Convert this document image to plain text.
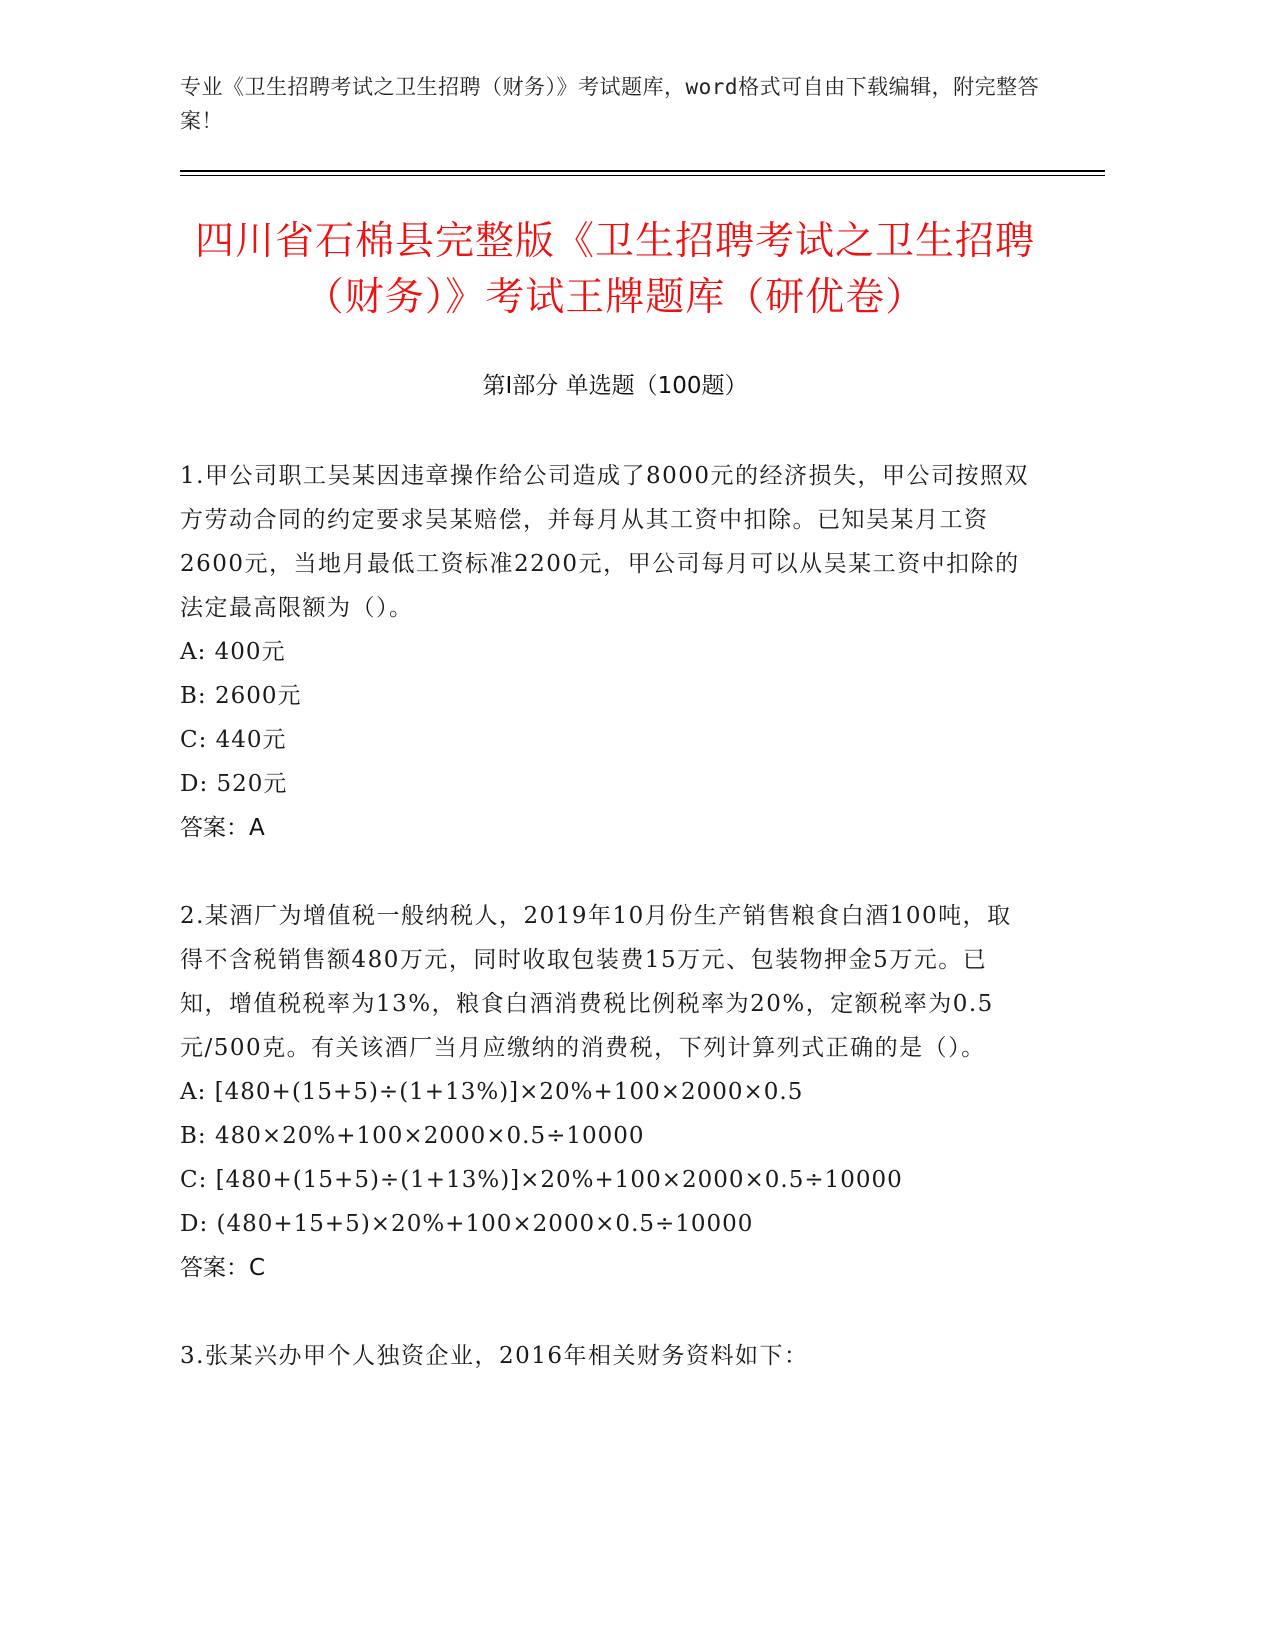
专业《卫生招聘考试之卫生招聘（财务）》考试题库，word格式可自由下载编辑，附完整答案！
四川省石棉县完整版《卫生招聘考试之卫生招聘（财务）》考试王牌题库（研优卷）
第Ⅰ部分 单选题（100题）

1.甲公司职工吴某因违章操作给公司造成了8000元的经济损失，甲公司按照双方劳动合同的约定要求吴某赔偿，并每月从其工资中扣除。已知吴某月工资2600元，当地月最低工资标准2200元，甲公司每月可以从吴某工资中扣除的法定最高限额为（）。

A: 400元
B: 2600元
C: 440元
D: 520元
答案：A

2.某酒厂为增值税一般纳税人，2019年10月份生产销售粮食白酒100吨，取得不含税销售额480万元，同时收取包装费15万元、包装物押金5万元。已知，增值税税率为13%，粮食白酒消费税比例税率为20%，定额税率为0.5元/500克。有关该酒厂当月应缴纳的消费税，下列计算列式正确的是（）。

A: [480+(15+5)÷(1+13%)]×20%+100×2000×0.5
B: 480×20%+100×2000×0.5÷10000
C: [480+(15+5)÷(1+13%)]×20%+100×2000×0.5÷10000
D: (480+15+5)×20%+100×2000×0.5÷10000
答案：C

3.张某兴办甲个人独资企业，2016年相关财务资料如下：
